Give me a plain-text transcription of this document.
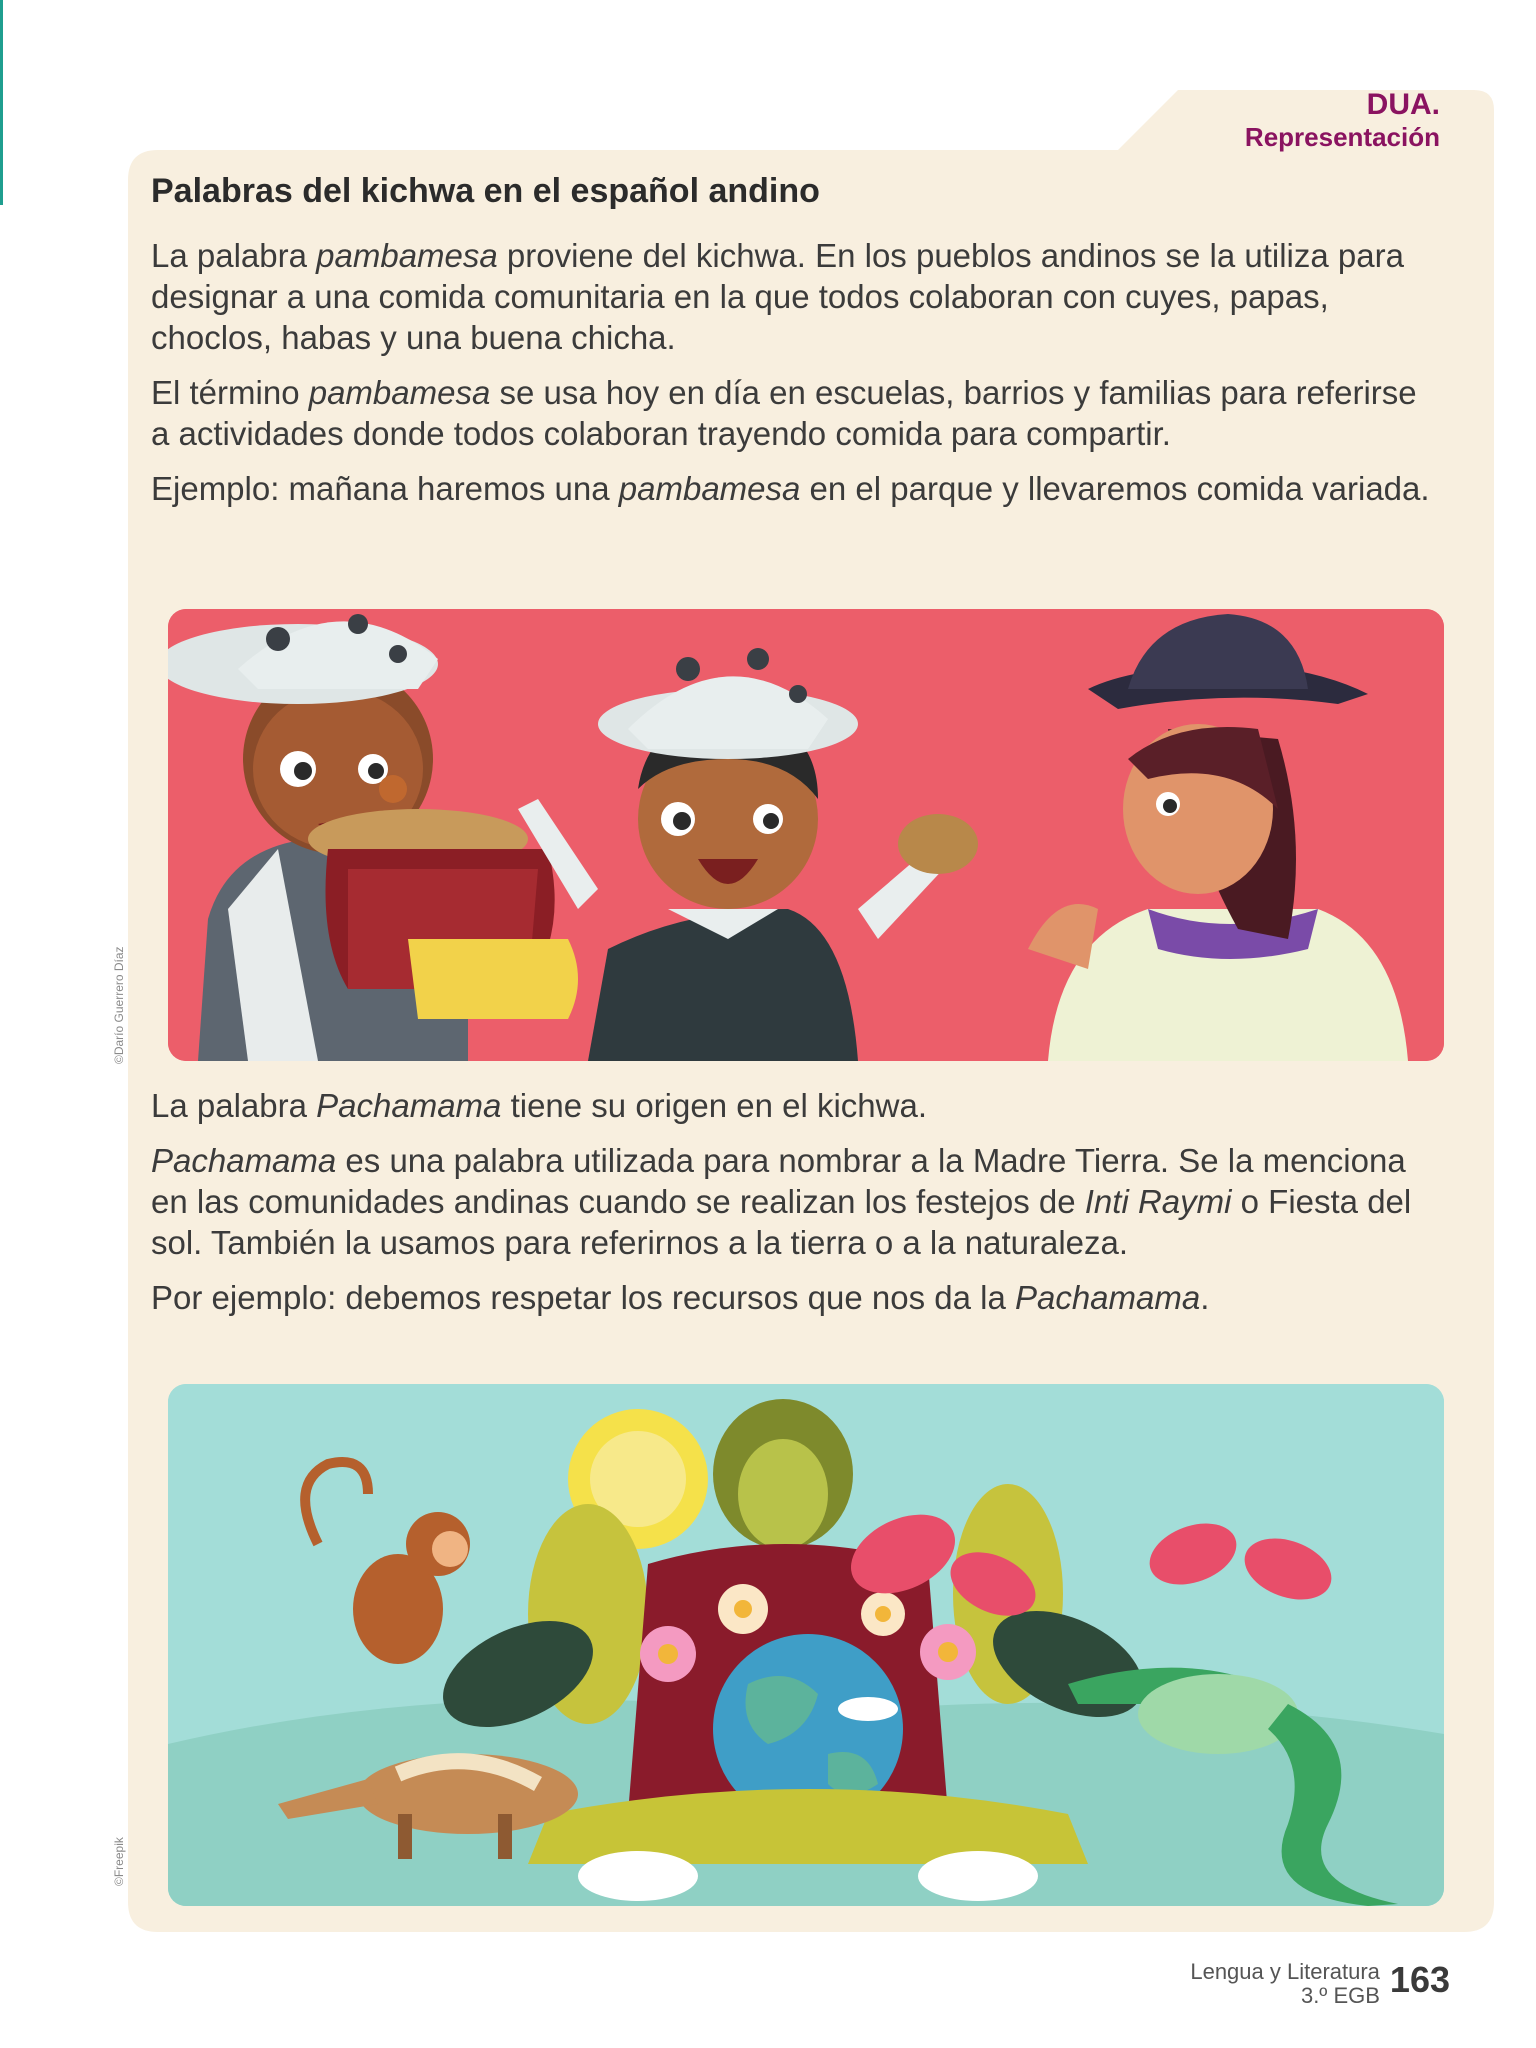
DUA.
Representación
Palabras del kichwa en el español andino

La palabra pambamesa proviene del kichwa. En los pueblos andinos se la utiliza para designar a una comida comunitaria en la que todos colaboran con cuyes, papas, choclos, habas y una buena chicha.

El término pambamesa se usa hoy en día en escuelas, barrios y familias para referirse a actividades donde todos colaboran trayendo comida para compartir.

Ejemplo: mañana haremos una pambamesa en el parque y llevaremos comida variada.

©Darío Guerrero Díaz

La palabra Pachamama tiene su origen en el kichwa.

Pachamama es una palabra utilizada para nombrar a la Madre Tierra. Se la menciona en las comunidades andinas cuando se realizan los festejos de Inti Raymi o Fiesta del sol. También la usamos para referirnos a la tierra o a la naturaleza.

Por ejemplo: debemos respetar los recursos que nos da la Pachamama.

©Freepik
Lengua y Literatura
3.º EGB 163
